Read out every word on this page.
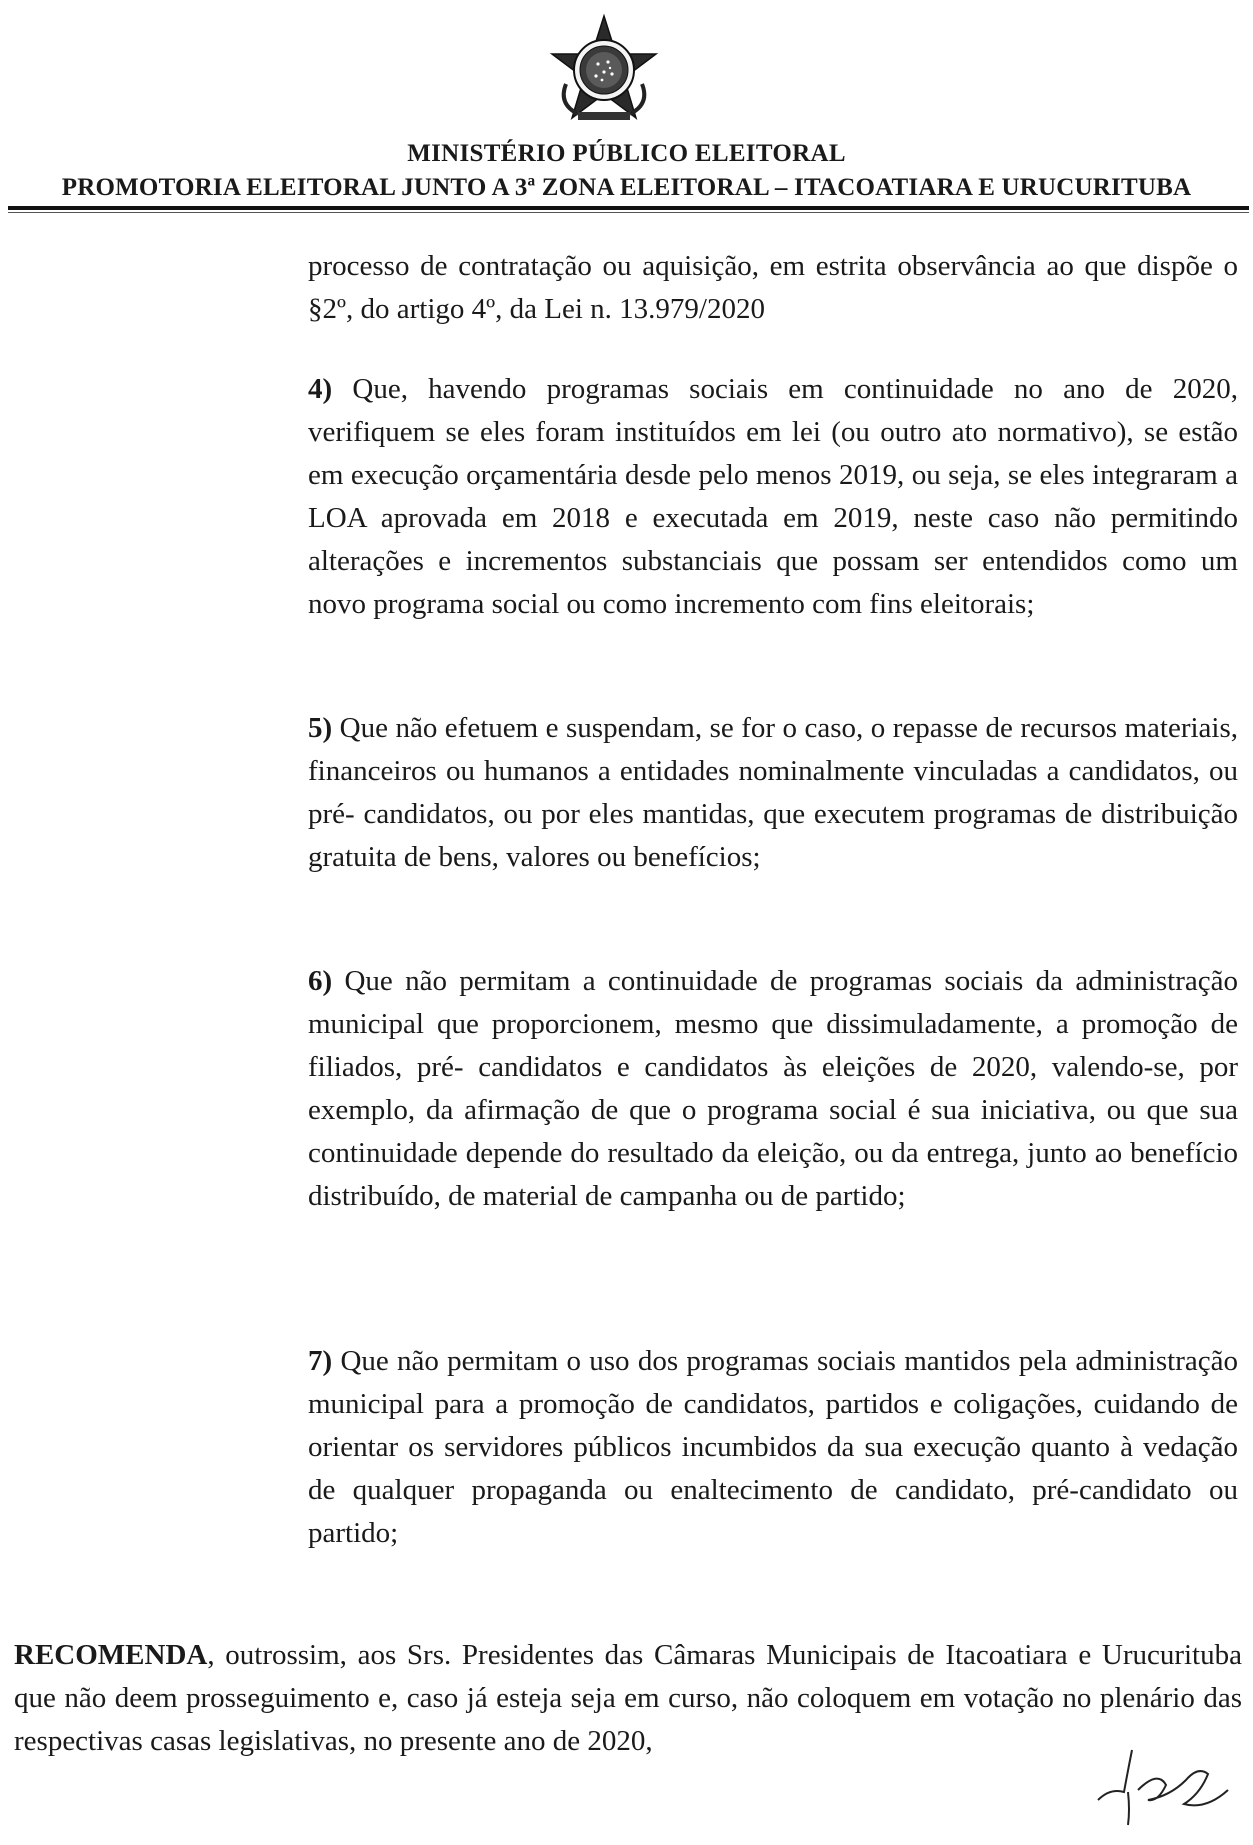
MINISTÉRIO PÚBLICO ELEITORAL
PROMOTORIA ELEITORAL JUNTO A 3ª ZONA ELEITORAL – ITACOATIARA E URUCURITUBA

processo de contratação ou aquisição, em estrita observância ao que dispõe o §2º, do artigo 4º, da Lei n. 13.979/2020

4) Que, havendo programas sociais em continuidade no ano de 2020, verifiquem se eles foram instituídos em lei (ou outro ato normativo), se estão em execução orçamentária desde pelo menos 2019, ou seja, se eles integraram a LOA aprovada em 2018 e executada em 2019, neste caso não permitindo alterações e incrementos substanciais que possam ser entendidos como um novo programa social ou como incremento com fins eleitorais;

5) Que não efetuem e suspendam, se for o caso, o repasse de recursos materiais, financeiros ou humanos a entidades nominalmente vinculadas a candidatos, ou pré- candidatos, ou por eles mantidas, que executem programas de distribuição gratuita de bens, valores ou benefícios;

6) Que não permitam a continuidade de programas sociais da administração municipal que proporcionem, mesmo que dissimuladamente, a promoção de filiados, pré- candidatos e candidatos às eleições de 2020, valendo-se, por exemplo, da afirmação de que o programa social é sua iniciativa, ou que sua continuidade depende do resultado da eleição, ou da entrega, junto ao benefício distribuído, de material de campanha ou de partido;

7) Que não permitam o uso dos programas sociais mantidos pela administração municipal para a promoção de candidatos, partidos e coligações, cuidando de orientar os servidores públicos incumbidos da sua execução quanto à vedação de qualquer propaganda ou enaltecimento de candidato, pré-candidato ou partido;

RECOMENDA, outrossim, aos Srs. Presidentes das Câmaras Municipais de Itacoatiara e Urucurituba que não deem prosseguimento e, caso já esteja seja em curso, não coloquem em votação no plenário das respectivas casas legislativas, no presente ano de 2020,
